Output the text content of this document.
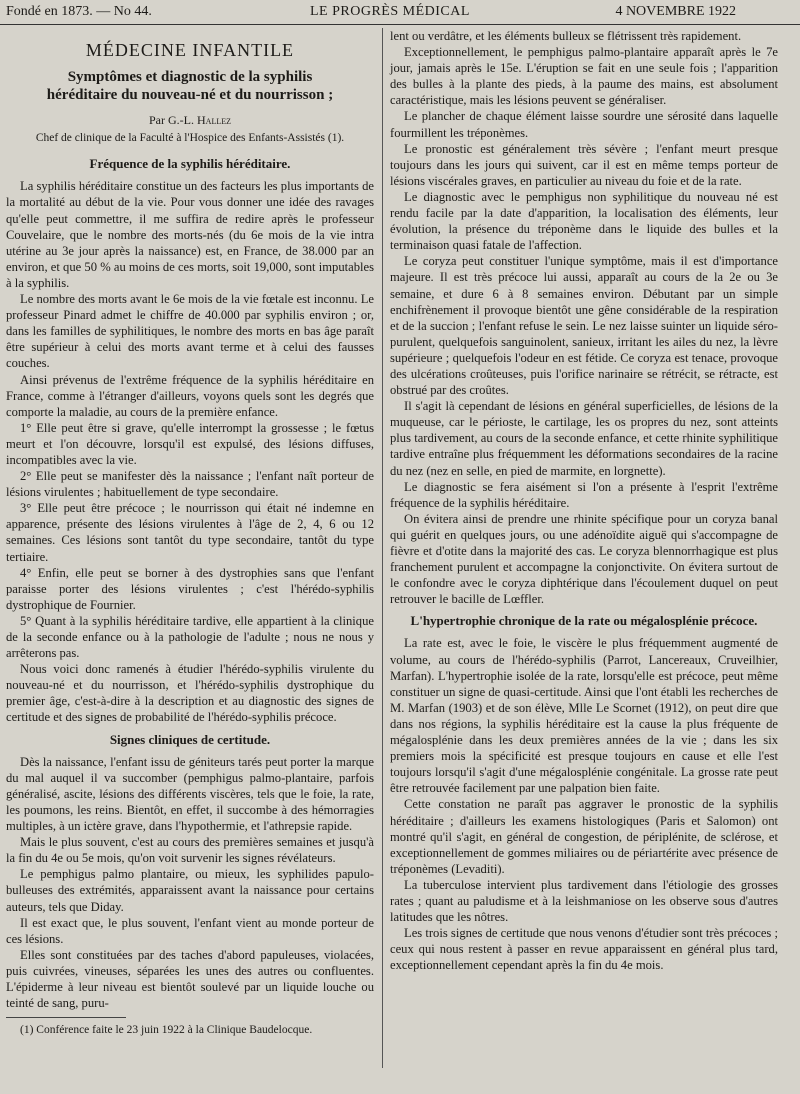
Fondé en 1873. — No 44.	LE PROGRÈS MÉDICAL	4 NOVEMBRE 1922
MÉDECINE INFANTILE
Symptômes et diagnostic de la syphilis
héréditaire du nouveau-né et du nourrisson ;
Par G.-L. Hallez
Chef de clinique de la Faculté à l'Hospice des Enfants-Assistés (1).
Fréquence de la syphilis héréditaire.

La syphilis héréditaire constitue un des facteurs les plus importants de la mortalité au début de la vie. Pour vous donner une idée des ravages qu'elle peut commettre, il me suffira de redire après le professeur Couvelaire, que le nombre des morts-nés (du 6e mois de la vie intra utérine au 3e jour après la naissance) est, en France, de 38.000 par an environ, et que 50 % au moins de ces morts, soit 19,000, sont imputables à la syphilis.

Le nombre des morts avant le 6e mois de la vie fœtale est inconnu. Le professeur Pinard admet le chiffre de 40.000 par syphilis environ ; or, dans les familles de syphilitiques, le nombre des morts en bas âge paraît être supérieur à celui des morts avant terme et à celui des fausses couches.

Ainsi prévenus de l'extrême fréquence de la syphilis héréditaire en France, comme à l'étranger d'ailleurs, voyons quels sont les degrés que comporte la maladie, au cours de la première enfance.

1° Elle peut être si grave, qu'elle interrompt la grossesse ; le fœtus meurt et l'on découvre, lorsqu'il est expulsé, des lésions diffuses, incompatibles avec la vie.

2° Elle peut se manifester dès la naissance ; l'enfant naît porteur de lésions virulentes ; habituellement de type secondaire.

3° Elle peut être précoce ; le nourrisson qui était né indemne en apparence, présente des lésions virulentes à l'âge de 2, 4, 6 ou 12 semaines. Ces lésions sont tantôt du type secondaire, tantôt du type tertiaire.

4° Enfin, elle peut se borner à des dystrophies sans que l'enfant paraisse porter des lésions virulentes ; c'est l'hérédo-syphilis dystrophique de Fournier.

5° Quant à la syphilis héréditaire tardive, elle appartient à la clinique de la seconde enfance ou à la pathologie de l'adulte ; nous ne nous y arrêterons pas.

Nous voici donc ramenés à étudier l'hérédo-syphilis virulente du nouveau-né et du nourrisson, et l'hérédo-syphilis dystrophique du premier âge, c'est-à-dire à la description et au diagnostic des signes de certitude et des signes de probabilité de l'hérédo-syphilis précoce.

Signes cliniques de certitude.

Dès la naissance, l'enfant issu de géniteurs tarés peut porter la marque du mal auquel il va succomber (pemphigus palmo-plantaire, parfois généralisé, ascite, lésions des différents viscères, tels que le foie, la rate, les poumons, les reins. Bientôt, en effet, il succombe à des hémorragies multiples, à un ictère grave, dans l'hypothermie, et l'athrepsie rapide.

Mais le plus souvent, c'est au cours des premières semaines et jusqu'à la fin du 4e ou 5e mois, qu'on voit survenir les signes révélateurs.

Le pemphigus palmo plantaire, ou mieux, les syphilides papulo-bulleuses des extrémités, apparaissent avant la naissance pour certains auteurs, tels que Diday.

Il est exact que, le plus souvent, l'enfant vient au monde porteur de ces lésions.

Elles sont constituées par des taches d'abord papuleuses, violacées, puis cuivrées, vineuses, séparées les unes des autres ou confluentes. L'épiderme à leur niveau est bientôt soulevé par un liquide louche ou teinté de sang, puru-

(1) Conférence faite le 23 juin 1922 à la Clinique Baudelocque.

lent ou verdâtre, et les éléments bulleux se flétrissent très rapidement.

Exceptionnellement, le pemphigus palmo-plantaire apparaît après le 7e jour, jamais après le 15e. L'éruption se fait en une seule fois ; l'apparition des bulles à la plante des pieds, à la paume des mains, est absolument caractéristique, mais les lésions peuvent se généraliser.

Le plancher de chaque élément laisse sourdre une sérosité dans laquelle fourmillent les tréponèmes.

Le pronostic est généralement très sévère ; l'enfant meurt presque toujours dans les jours qui suivent, car il est en même temps porteur de lésions viscérales graves, en particulier au niveau du foie et de la rate.

Le diagnostic avec le pemphigus non syphilitique du nouveau né est rendu facile par la date d'apparition, la localisation des éléments, leur évolution, la présence du tréponème dans le liquide des bulles et la terminaison quasi fatale de l'affection.

Le coryza peut constituer l'unique symptôme, mais il est d'importance majeure. Il est très précoce lui aussi, apparaît au cours de la 2e ou 3e semaine, et dure 6 à 8 semaines environ. Débutant par un simple enchifrènement il provoque bientôt une gêne considérable de la respiration et de la succion ; l'enfant refuse le sein. Le nez laisse suinter un liquide séro-purulent, quelquefois sanguinolent, sanieux, irritant les ailes du nez, la lèvre supérieure ; quelquefois l'odeur en est fétide. Ce coryza est tenace, provoque des ulcérations croûteuses, puis l'orifice narinaire se rétrécit, se rétracte, est obstrué par des croûtes.

Il s'agit là cependant de lésions en général superficielles, de lésions de la muqueuse, car le périoste, le cartilage, les os propres du nez, sont atteints plus tardivement, au cours de la seconde enfance, et cette rhinite syphilitique tardive entraîne plus fréquemment les déformations secondaires de la racine du nez (nez en selle, en pied de marmite, en lorgnette).

Le diagnostic se fera aisément si l'on a présente à l'esprit l'extrême fréquence de la syphilis héréditaire.

On évitera ainsi de prendre une rhinite spécifique pour un coryza banal qui guérit en quelques jours, ou une adénoïdite aiguë qui s'accompagne de fièvre et d'otite dans la majorité des cas. Le coryza blennorrhagique est plus franchement purulent et accompagne la conjonctivite. On évitera surtout de le confondre avec le coryza diphtérique dans l'écoulement duquel on peut retrouver le bacille de Lœffler.

L'hypertrophie chronique de la rate ou mégalosplénie précoce.

La rate est, avec le foie, le viscère le plus fréquemment augmenté de volume, au cours de l'hérédo-syphilis (Parrot, Lancereaux, Cruveilhier, Marfan). L'hypertrophie isolée de la rate, lorsqu'elle est précoce, peut même constituer un signe de quasi-certitude. Ainsi que l'ont établi les recherches de M. Marfan (1903) et de son élève, Mlle Le Scornet (1912), on peut dire que dans nos régions, la syphilis héréditaire est la cause la plus fréquente de mégalosplénie dans les deux premières années de la vie ; dans les six premiers mois la spécificité est presque toujours en cause et elle l'est toujours lorsqu'il s'agit d'une mégalosplénie congénitale. La grosse rate peut être retrouvée facilement par une palpation bien faite.

Cette constation ne paraît pas aggraver le pronostic de la syphilis héréditaire ; d'ailleurs les examens histologiques (Paris et Salomon) ont montré qu'il s'agit, en général de congestion, de périplénite, de sclérose, et exceptionnellement de gommes miliaires ou de périartérite avec présence de tréponèmes (Levaditi).

La tuberculose intervient plus tardivement dans l'étiologie des grosses rates ; quant au paludisme et à la leishmaniose on les observe sous d'autres latitudes que les nôtres.

Les trois signes de certitude que nous venons d'étudier sont très précoces ; ceux qui nous restent à passer en revue apparaissent en général plus tard, exceptionnellement cependant après la fin du 4e mois.
